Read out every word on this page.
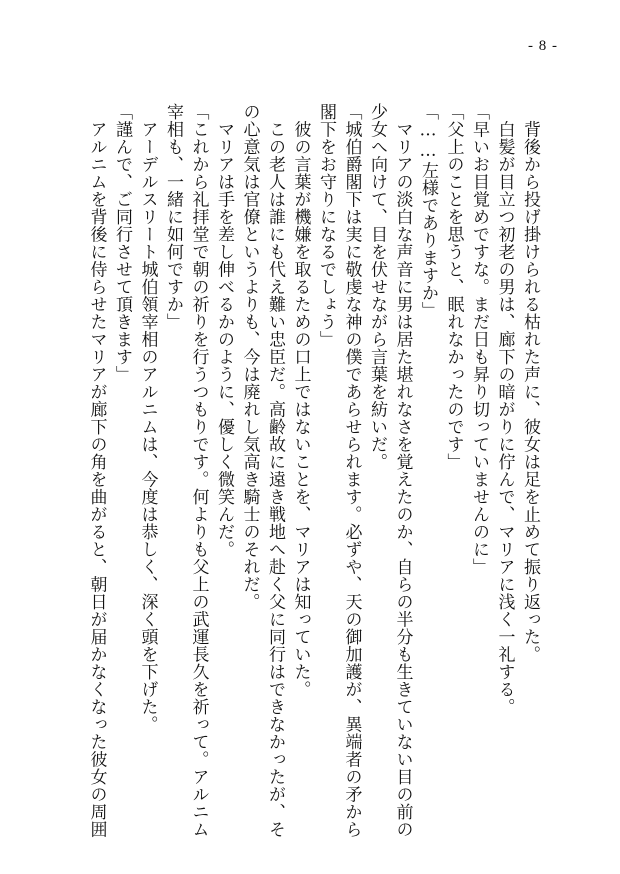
- 8 -

　背後から投げ掛けられる枯れた声に、彼女は足を止めて振り返った。

　白髪が目立つ初老の男は、廊下の暗がりに佇んで、マリアに浅く一礼する。

「早いお目覚めですな。まだ日も昇り切っていませんのに」

「父上のことを思うと、眠れなかったのです」

「……左様でありますか」

　マリアの淡白な声音に男は居た堪れなさを覚えたのか、自らの半分も生きていない目の前の

少女へ向けて、目を伏せながら言葉を紡いだ。

「城伯爵閣下は実に敬虔な神の僕であらせられます。必ずや、天の御加護が、異端者の矛から

閣下をお守りになるでしょう」

　彼の言葉が機嫌を取るための口上ではないことを、マリアは知っていた。

　この老人は誰にも代え難い忠臣だ。高齢故に遠き戦地へ赴く父に同行はできなかったが、そ

の心意気は官僚というよりも、今は廃れし気高き騎士のそれだ。

　マリアは手を差し伸べるかのように、優しく微笑んだ。

「これから礼拝堂で朝の祈りを行うつもりです。何よりも父上の武運長久を祈って。アルニム

宰相も、一緒に如何ですか」

　アーデルスリート城伯領宰相のアルニムは、今度は恭しく、深く頭を下げた。

「謹んで、ご同行させて頂きます」

　アルニムを背後に侍らせたマリアが廊下の角を曲がると、朝日が届かなくなった彼女の周囲
